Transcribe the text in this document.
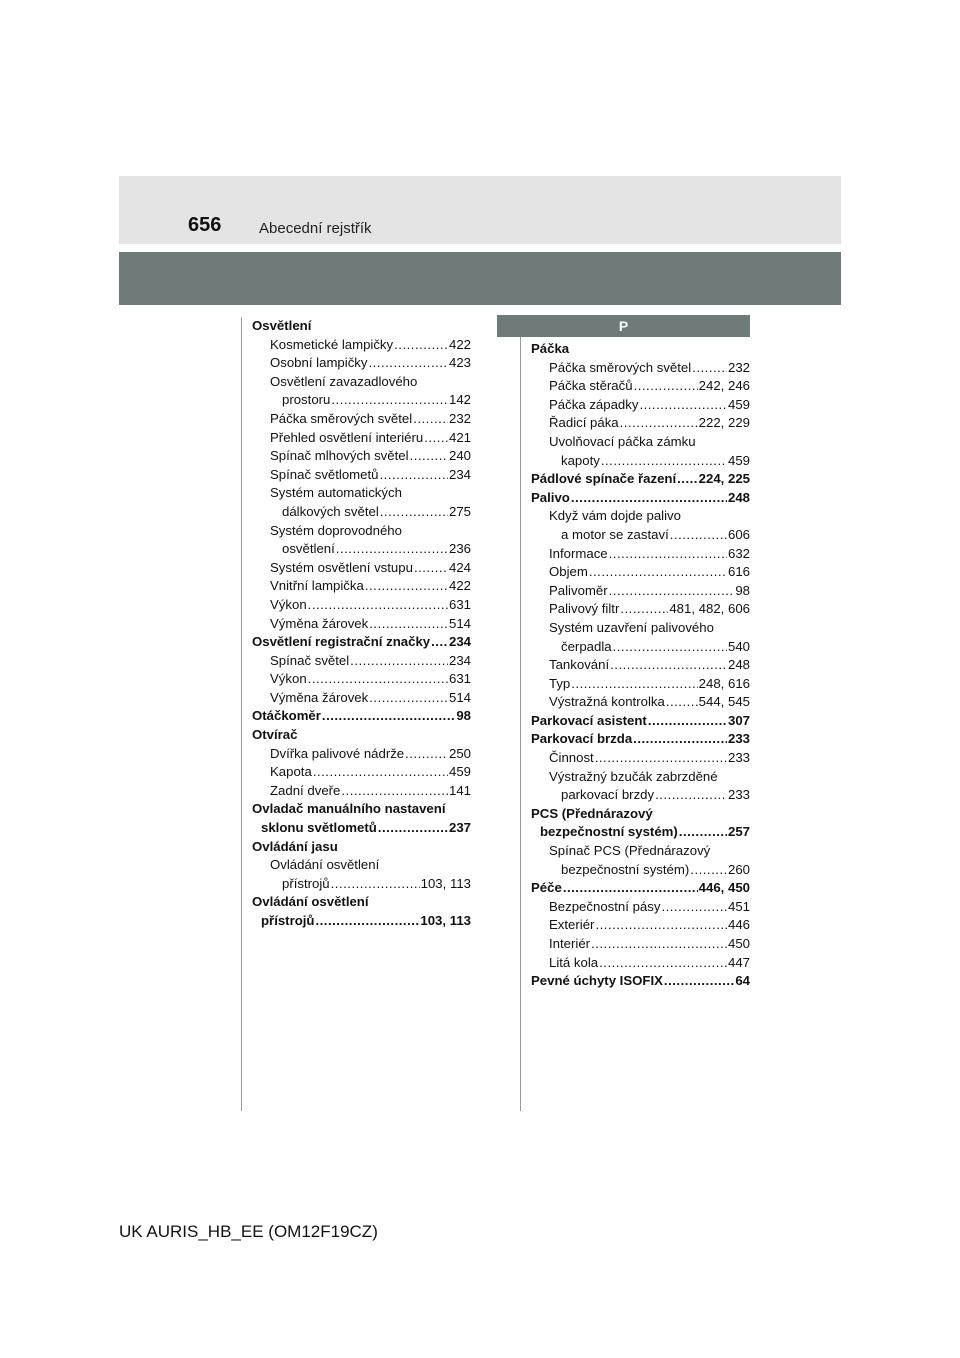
656	Abecední rejstřík
Osvětlení
Kosmetické lampičky .....	422
Osobní lampičky .....	423
Osvětlení zavazadlového
prostoru .....	142
Páčka směrových světel .....	232
Přehled osvětlení interiéru ..... 421
Spínač mlhových světel .....	240
Spínač světlometů .....	234
Systém automatických
dálkových světel .....	275
Systém doprovodného
osvětlení .....	236
Systém osvětlení vstupu .....	424
Vnitřní lampička .....	422
Výkon .....	631
Výměna žárovek .....	514
Osvětlení registrační značky ..... 234
Spínač světel .....	234
Výkon .....	631
Výměna žárovek .....	514
Otáčkoměr .....	98
Otvírač
Dvířka palivové nádrže .....	250
Kapota .....	459
Zadní dveře .....	141
Ovladač manuálního nastavení
sklonu světlometů .....	237
Ovládání jasu
Ovládání osvětlení
přístrojů .....	103, 113
Ovládání osvětlení
přístrojů .....	103, 113
P
Páčka
Páčka směrových světel .....	232
Páčka stěračů .....	242, 246
Páčka západky .....	459
Řadicí páka .....	222, 229
Uvolňovací páčka zámku
kapoty .....	459
Pádlové spínače řazení ..... 224, 225
Palivo .....	248
Když vám dojde palivo
a motor se zastaví .....	606
Informace .....	632
Objem .....	616
Palivoměr .....	98
Palivový filtr .....	481, 482, 606
Systém uzavření palivového
čerpadla .....	540
Tankování .....	248
Typ .....	248, 616
Výstražná kontrolka .....	544, 545
Parkovací asistent .....	307
Parkovací brzda .....	233
Činnost .....	233
Výstražný bzučák zabrzděné
parkovací brzdy .....	233
PCS (Přednárazový
bezpečnostní systém) .....	257
Spínač PCS (Přednárazový
bezpečnostní systém) .....	260
Péče .....	446, 450
Bezpečnostní pásy .....	451
Exteriér .....	446
Interiér .....	450
Litá kola .....	447
Pevné úchyty ISOFIX .....	64
UK AURIS_HB_EE (OM12F19CZ)
